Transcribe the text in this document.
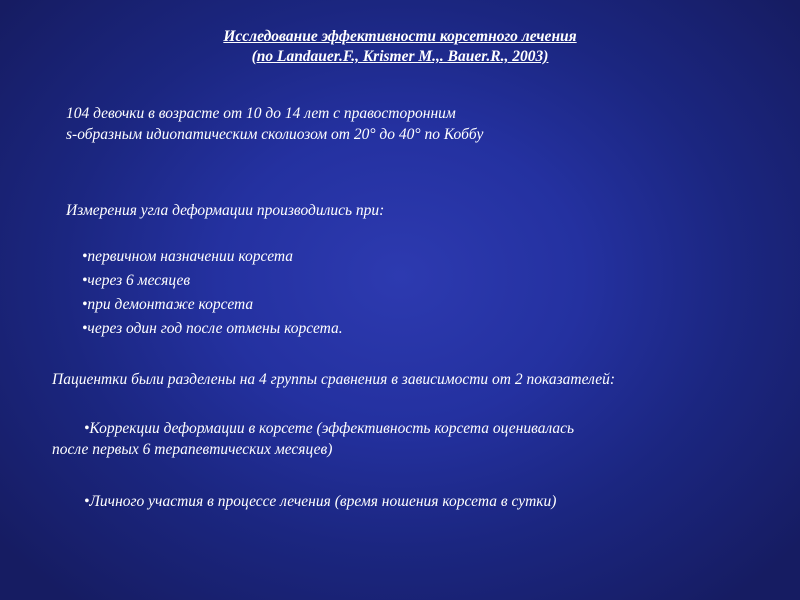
Исследование эффективности корсетного лечения
(по Landauer.F., Krismer M.,. Bauer.R., 2003)
104 девочки в возрасте от 10 до 14 лет с правосторонним
s-образным идиопатическим сколиозом от 20° до 40° по Коббу
Измерения угла деформации производились при:
•первичном назначении корсета
•через 6 месяцев
•при демонтаже корсета
•через один год после отмены корсета.
Пациентки были разделены на 4 группы сравнения в зависимости от 2 показателей:
•Коррекции деформации в корсете (эффективность корсета оценивалась
после первых 6 терапевтических месяцев)
•Личного участия в процессе лечения (время ношения корсета в сутки)
